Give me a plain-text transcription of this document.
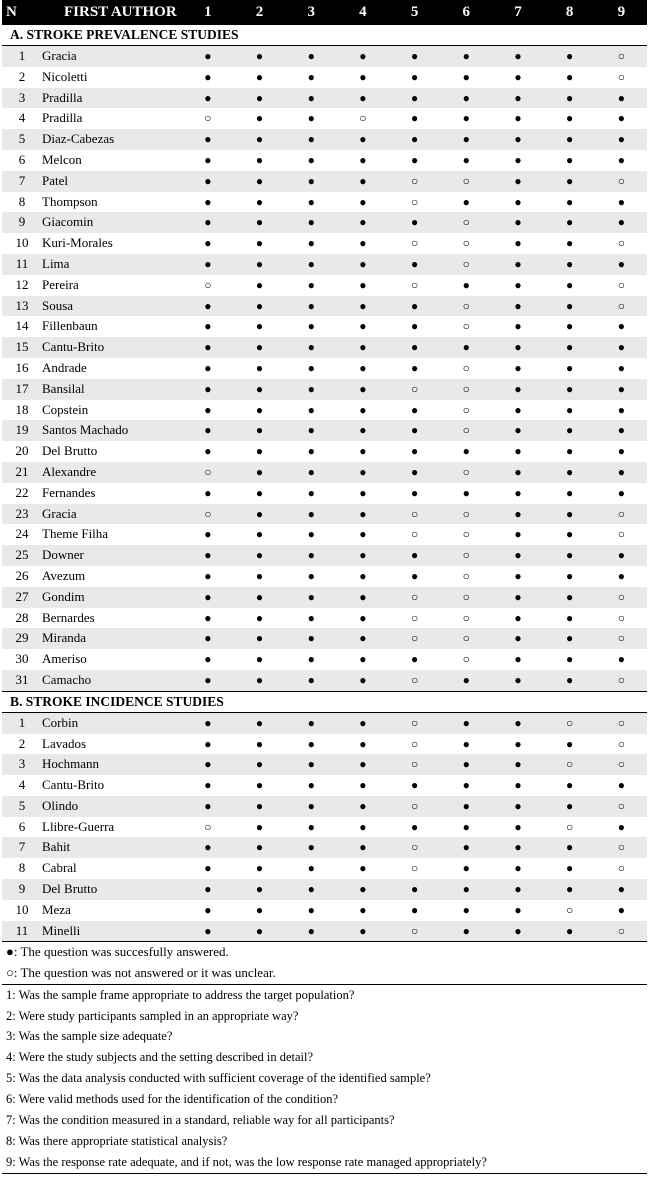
N	FIRST AUTHOR	1	2	3	4	5	6	7	8	9
A. STROKE PREVALENCE STUDIES										
1	Gracia	●	●	●	●	●	●	●	●	○
2	Nicoletti	●	●	●	●	●	●	●	●	○
3	Pradilla	●	●	●	●	●	●	●	●	●
4	Pradilla	○	●	●	○	●	●	●	●	●
5	Diaz-Cabezas	●	●	●	●	●	●	●	●	●
6	Melcon	●	●	●	●	●	●	●	●	●
7	Patel	●	●	●	●	○	○	●	●	○
8	Thompson	●	●	●	●	○	●	●	●	●
9	Giacomin	●	●	●	●	●	○	●	●	●
10	Kuri-Morales	●	●	●	●	○	○	●	●	○
11	Lima	●	●	●	●	●	○	●	●	●
12	Pereira	○	●	●	●	○	●	●	●	○
13	Sousa	●	●	●	●	●	○	●	●	○
14	Fillenbaun	●	●	●	●	●	○	●	●	●
15	Cantu-Brito	●	●	●	●	●	●	●	●	●
16	Andrade	●	●	●	●	●	○	●	●	●
17	Bansilal	●	●	●	●	○	○	●	●	●
18	Copstein	●	●	●	●	●	○	●	●	●
19	Santos Machado	●	●	●	●	●	○	●	●	●
20	Del Brutto	●	●	●	●	●	●	●	●	●
21	Alexandre	○	●	●	●	●	○	●	●	●
22	Fernandes	●	●	●	●	●	●	●	●	●
23	Gracia	○	●	●	●	○	○	●	●	○
24	Theme Filha	●	●	●	●	○	○	●	●	○
25	Downer	●	●	●	●	●	○	●	●	●
26	Avezum	●	●	●	●	●	○	●	●	●
27	Gondim	●	●	●	●	○	○	●	●	○
28	Bernardes	●	●	●	●	○	○	●	●	○
29	Miranda	●	●	●	●	○	○	●	●	○
30	Ameriso	●	●	●	●	●	○	●	●	●
31	Camacho	●	●	●	●	○	●	●	●	○
B. STROKE INCIDENCE STUDIES										
1	Corbin	●	●	●	●	○	●	●	○	○
2	Lavados	●	●	●	●	○	●	●	●	○
3	Hochmann	●	●	●	●	○	●	●	○	○
4	Cantu-Brito	●	●	●	●	●	●	●	●	●
5	Olindo	●	●	●	●	○	●	●	●	○
6	Llibre-Guerra	○	●	●	●	●	●	●	○	●
7	Bahit	●	●	●	●	○	●	●	●	○
8	Cabral	●	●	●	●	○	●	●	●	○
9	Del Brutto	●	●	●	●	●	●	●	●	●
10	Meza	●	●	●	●	●	●	●	○	●
11	Minelli	●	●	●	●	○	●	●	●	○
●: The question was succesfully answered.
○: The question was not answered or it was unclear.
1: Was the sample frame appropriate to address the target population?
2: Were study participants sampled in an appropriate way?
3: Was the sample size adequate?
4: Were the study subjects and the setting described in detail?
5: Was the data analysis conducted with sufficient coverage of the identified sample?
6: Were valid methods used for the identification of the condition?
7: Was the condition measured in a standard, reliable way for all participants?
8: Was there appropriate statistical analysis?
9: Was the response rate adequate, and if not, was the low response rate managed appropriately?
